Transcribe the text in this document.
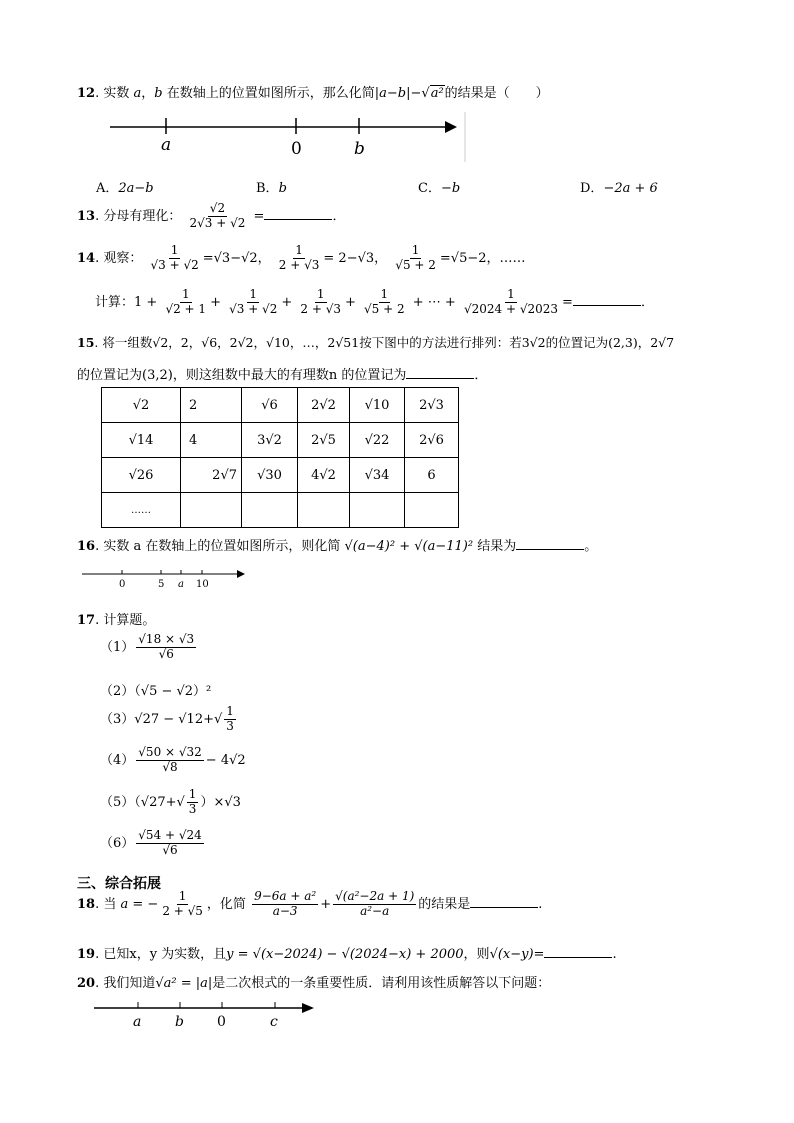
12. 实数 a，b 在数轴上的位置如图所示，那么化简|a−b|−√a²的结果是（　　）
a	0	b
A．2a−b	B．b	C．−b	D．−2a + 6
13. 分母有理化： $\frac{√2}{2√3 + √2}$ =	．
14. 观察： $\frac{1}{√3 + √2} =√3-√2$， $\frac{1}{2 + √3} = 2-√3$， $\frac{1}{√5 + 2} =√5-2$，……
计算：$1 + \frac{1}{√2 + 1} + \frac{1}{√3 + √2} + \frac{1}{2 + √3} + \frac{1}{√5 + 2}$ + ⋯ + $\frac{1}{√2024 + √2023}$ =	．
15. 将一组数√2，2，√6，2√2，√10，…，2√51按下图中的方法进行排列：若3√2的位置记为(2,3)，2√7
的位置记为(3,2)，则这组数中最大的有理数n 的位置记为	．
√2	2	√6	2√2	√10	2√3
√14	4	3√2	2√5	√22	2√6
√26	2√7	√30	4√2	√34	6
……					
16. 实数 a 在数轴上的位置如图所示，则化简 √(a−4)² + √(a−11)² 结果为	。
0	5 a 10
17. 计算题。
$(1) \frac{√18 \times √3}{√6}$
（2）（√5 − √2）²
$(3)√27 - √12+√ \frac{1}{3}$
$(4) \frac{√50 \times √32}{√8} - 4√2$
$(5)(√27+√ \frac{1}{3} )\times√3$
$(6) \frac{√54 + √24}{√6}$
三、综合拓展
18. 当 a = − $\frac{1}{2 + √5}$ ，化简 $\frac{\text{9−6a + a²}}{a-3} + \frac{\text{√(a²−2a + 1)}}{\text{a²−a}}$ 的结果是	.
19. 已知x，y 为实数，且y = √(x−2024) − √(2024−x) + 2000，则√(x−y)=	.
20. 我们知道√a² = |a|是二次根式的一条重要性质．请利用该性质解答以下问题：
a b 0	c
